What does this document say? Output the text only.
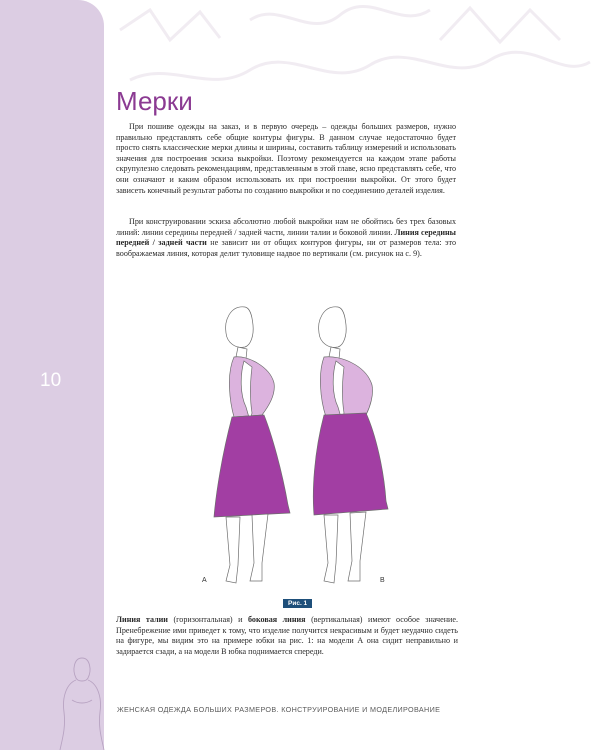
10
Мерки

При пошиве одежды на заказ, и в первую очередь – одежды больших размеров, нужно правильно представлять себе общие контуры фигуры. В данном случае недостаточно будет просто снять классические мерки длины и ширины, составить таблицу измерений и использовать значения для построения эскиза выкройки. Поэтому рекомендуется на каждом этапе работы скрупулезно следовать рекомендациям, представленным в этой главе, ясно представлять себе, что они означают и каким образом использовать их при построении выкройки. От этого будет зависеть конечный результат работы по созданию выкройки и по соединению деталей изделия.

При конструировании эскиза абсолютно любой выкройки нам не обойтись без трех базовых линий: линии середины передней / задней части, линии талии и боковой линии. Линия середины передней / задней части не зависит ни от общих контуров фигуры, ни от размеров тела: это воображаемая линия, которая делит туловище надвое по вертикали (см. рисунок на с. 9).

A	B
Рис. 1

Линия талии (горизонтальная) и боковая линия (вертикальная) имеют особое значение. Пренебрежение ими приведет к тому, что изделие получится некрасивым и будет неудачно сидеть на фигуре, мы видим это на примере юбки на рис. 1: на модели А она сидит неправильно и задирается сзади, а на модели В юбка поднимается спереди.

ЖЕНСКАЯ ОДЕЖДА БОЛЬШИХ РАЗМЕРОВ. КОНСТРУИРОВАНИЕ И МОДЕЛИРОВАНИЕ
